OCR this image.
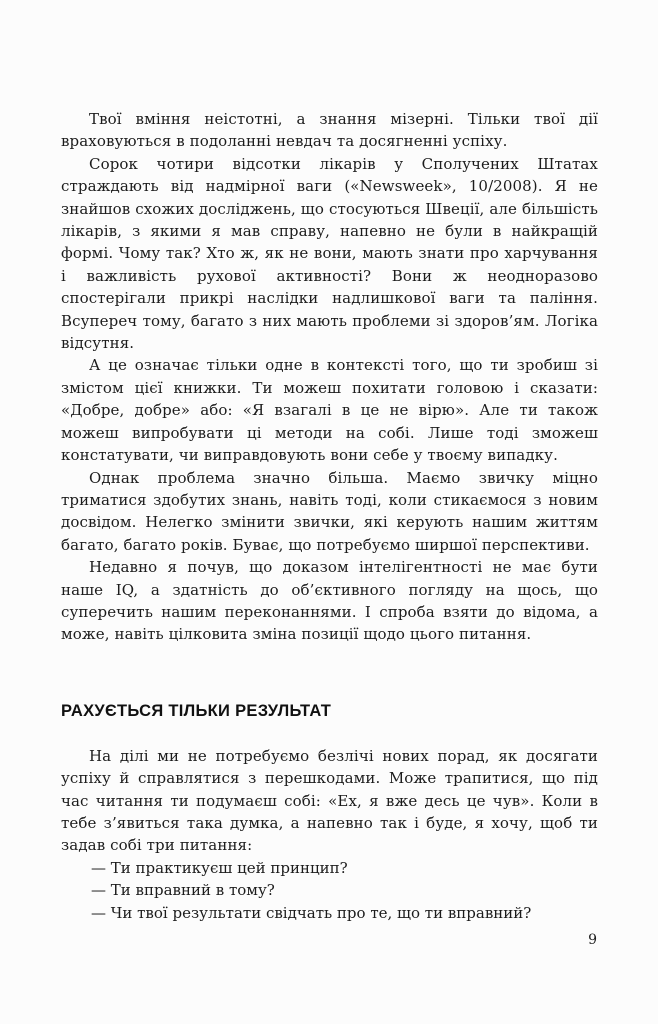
Твої вміння неістотні, а знання мізерні. Тільки твої дії враховуються в подоланні невдач та досягненні успіху.

Сорок чотири відсотки лікарів у Сполучених Штатах страждають від надмірної ваги («Newsweek», 10/2008). Я не знайшов схожих досліджень, що стосуються Швеції, але більшість лікарів, з якими я мав справу, напевно не були в найкращій формі. Чому так? Хто ж, як не вони, мають знати про харчування і важливість рухової активності? Вони ж неодноразово спостерігали прикрі наслідки надлишкової ваги та паління. Всупереч тому, багато з них мають проблеми зі здоров’ям. Логіка відсутня.

А це означає тільки одне в контексті того, що ти зробиш зі змістом цієї книжки. Ти можеш похитати головою і сказати: «Добре, добре» або: «Я взагалі в це не вірю». Але ти також можеш випробувати ці методи на собі. Лише тоді зможеш констатувати, чи виправдовують вони себе у твоєму випадку.

Однак проблема значно більша. Маємо звичку міцно триматися здобутих знань, навіть тоді, коли стикаємося з новим досвідом. Нелегко змінити звички, які керують нашим життям багато, багато років. Буває, що потребуємо ширшої перспективи.

Недавно я почув, що доказом інтелігентності не має бути наше IQ, а здатність до об’єктивного погляду на щось, що суперечить нашим переконаннями. І спроба взяти до відома, а може, навіть цілковита зміна позиції щодо цього питання.

РАХУЄТЬСЯ ТІЛЬКИ РЕЗУЛЬТАТ

На ділі ми не потребуємо безлічі нових порад, як досягати успіху й справлятися з перешкодами. Може трапитися, що під час читання ти подумаєш собі: «Ех, я вже десь це чув». Коли в тебе з’явиться така думка, а напевно так і буде, я хочу, щоб ти задав собі три питання:

— Ти практикуєш цей принцип?

— Ти вправний в тому?

— Чи твої результати свідчать про те, що ти вправний?

9
